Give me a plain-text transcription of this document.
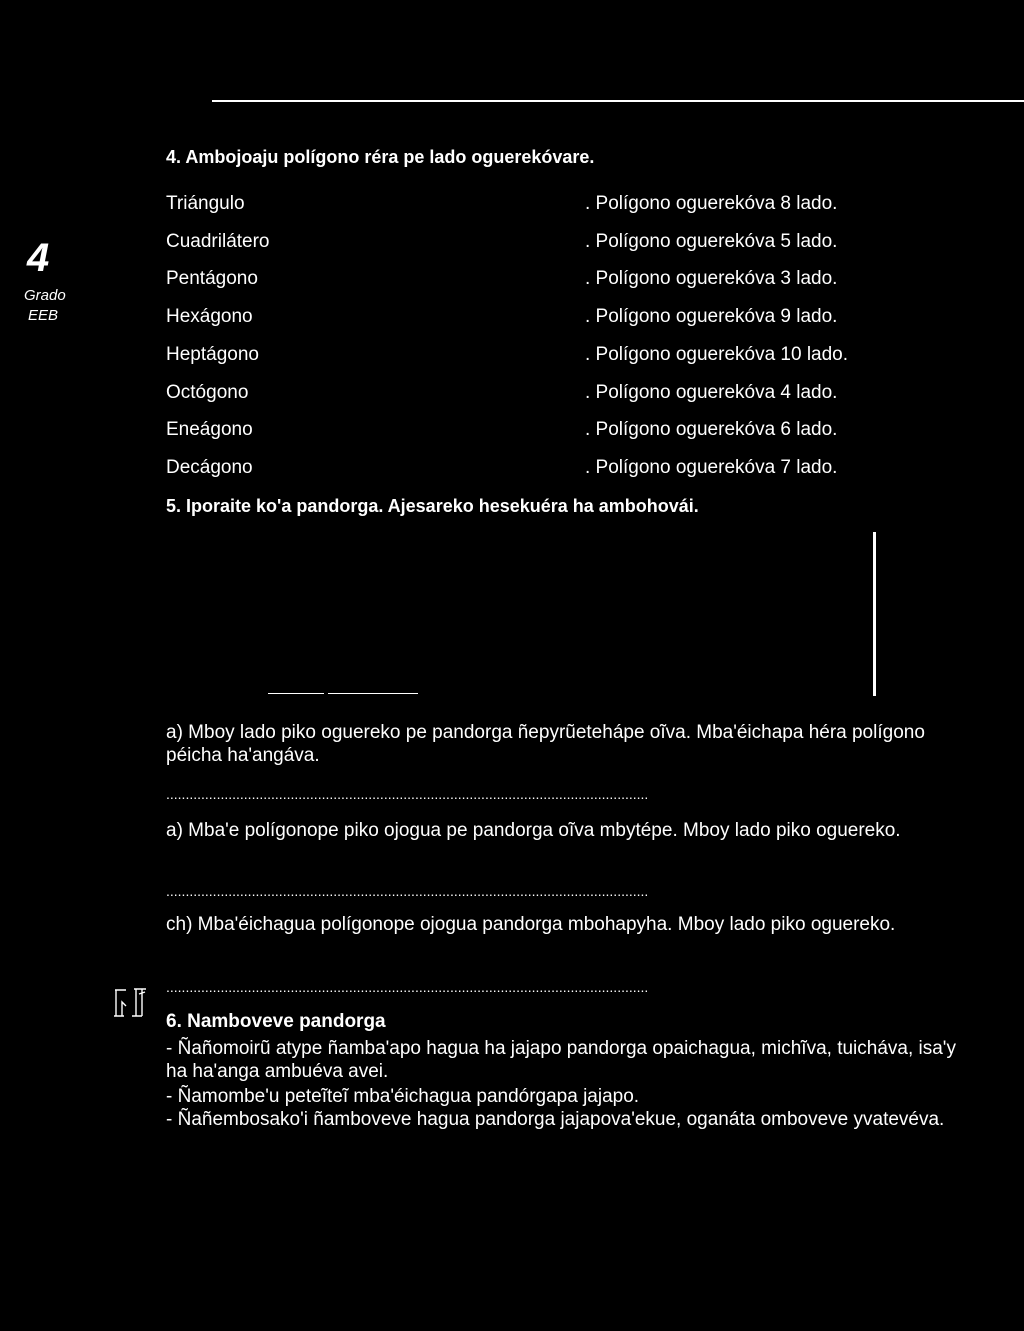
4
Grado
EEB
4. Ambojoaju polígono réra pe lado oguerekóvare.
Triángulo
Cuadrilátero
Pentágono
Hexágono
Heptágono
Octógono
Eneágono
Decágono
. Polígono oguerekóva 8 lado.
. Polígono oguerekóva 5 lado.
. Polígono oguerekóva 3 lado.
. Polígono oguerekóva 9 lado.
. Polígono oguerekóva 10 lado.
. Polígono oguerekóva 4 lado.
. Polígono oguerekóva 6 lado.
. Polígono oguerekóva 7 lado.
5. Iporaite ko'a pandorga. Ajesareko hesekuéra ha ambohovái.
a) Mboy lado piko oguereko pe pandorga ñepyrũeteháp﻿e oĩva. Mba'éichapa héra polígono péicha ha'angáva.
............................................................................................................................
a) Mba'e polígonope piko ojogua pe pandorga oĩva mbytépe. Mboy lado piko oguereko.
............................................................................................................................
ch) Mba'éichagua polígonope ojogua pandorga mbohapyha. Mboy lado piko oguereko.
............................................................................................................................
6. Namboveve pandorga
- Ñañomoirũ atype ñamba'apo hagua ha jajapo pandorga opaichagua, michĩva, tuicháva, isa'y ha ha'anga ambuéva avei.
- Ñamombe'u peteĩteĩ mba'éichagua pandórgapa jajapo.
- Ñañembosako'i ñamboveve hagua pandorga jajapova'ekue, oganáta omboveve yvatevéva.
